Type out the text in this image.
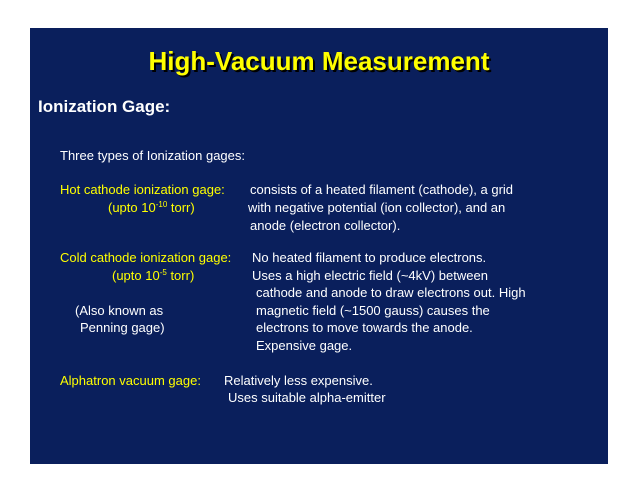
High-Vacuum Measurement
Ionization Gage:
Three types of Ionization gages:
Hot cathode ionization gage:
(upto $10^{-10}$ torr)
consists of a heated filament (cathode), a grid
with negative potential (ion collector), and an
anode (electron collector).
Cold cathode ionization gage:
(upto $10^{-5}$ torr)
(Also known as
Penning gage)
No heated filament to produce electrons.
Uses a high electric field (~4kV) between
cathode and anode to draw electrons out. High
magnetic field (~1500 gauss) causes the
electrons to move towards the anode.
Expensive gage.
Alphatron vacuum gage: Relatively less expensive.
Uses suitable alpha-emitter
